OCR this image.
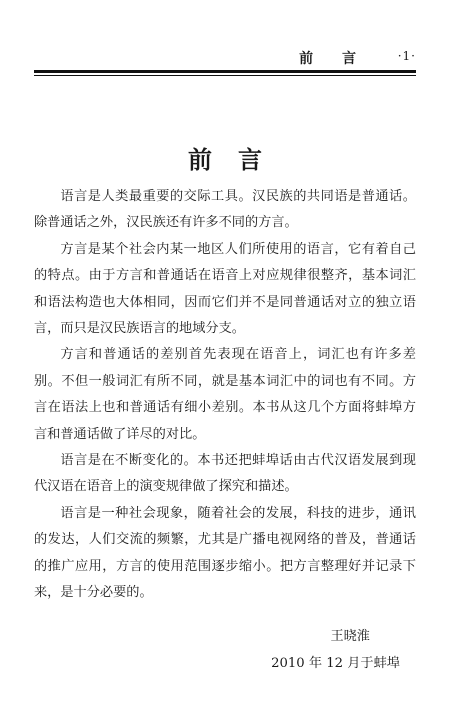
前 言 ·1·
前言

语言是人类最重要的交际工具。汉民族的共同语是普通话。除普通话之外，汉民族还有许多不同的方言。

方言是某个社会内某一地区人们所使用的语言，它有着自己的特点。由于方言和普通话在语音上对应规律很整齐，基本词汇和语法构造也大体相同，因而它们并不是同普通话对立的独立语言，而只是汉民族语言的地域分支。

方言和普通话的差别首先表现在语音上，词汇也有许多差别。不但一般词汇有所不同，就是基本词汇中的词也有不同。方言在语法上也和普通话有细小差别。本书从这几个方面将蚌埠方言和普通话做了详尽的对比。

语言是在不断变化的。本书还把蚌埠话由古代汉语发展到现代汉语在语音上的演变规律做了探究和描述。

语言是一种社会现象，随着社会的发展，科技的进步，通讯的发达，人们交流的频繁，尤其是广播电视网络的普及，普通话的推广应用，方言的使用范围逐步缩小。把方言整理好并记录下来，是十分必要的。

王晓淮
2010 年 12 月于蚌埠
